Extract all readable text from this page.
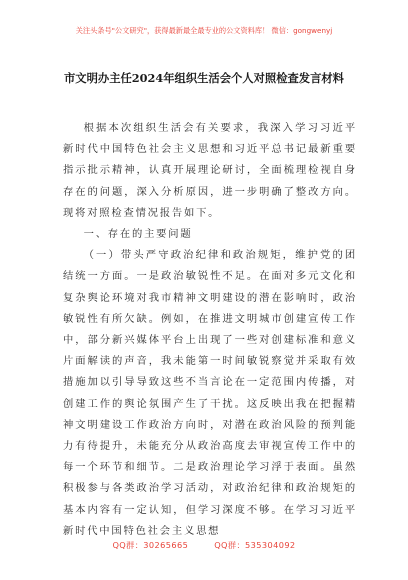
关注头条号"公文研究"，获得最新最全最专业的公文资料库！ 微信：gongwenyj
市文明办主任2024年组织生活会个人对照检查发言材料

根据本次组织生活会有关要求，我深入学习习近平新时代中国特色社会主义思想和习近平总书记最新重要指示批示精神，认真开展理论研讨，全面梳理检视自身存在的问题，深入分析原因，进一步明确了整改方向。现将对照检查情况报告如下。

一、存在的主要问题

（一）带头严守政治纪律和政治规矩，维护党的团结统一方面。一是政治敏锐性不足。在面对多元文化和复杂舆论环境对我市精神文明建设的潜在影响时，政治敏锐性有所欠缺。例如，在推进文明城市创建宣传工作中，部分新兴媒体平台上出现了一些对创建标准和意义片面解读的声音，我未能第一时间敏锐察觉并采取有效措施加以引导导致这些不当言论在一定范围内传播，对创建工作的舆论氛围产生了干扰。这反映出我在把握精神文明建设工作政治方向时，对潜在政治风险的预判能力有待提升，未能充分从政治高度去审视宣传工作中的每一个环节和细节。二是政治理论学习浮于表面。虽然积极参与各类政治学习活动，对政治纪律和政治规矩的基本内容有一定认知，但学习深度不够。在学习习近平新时代中国特色社会主义思想

QQ群：30265665	QQ群：535304092
